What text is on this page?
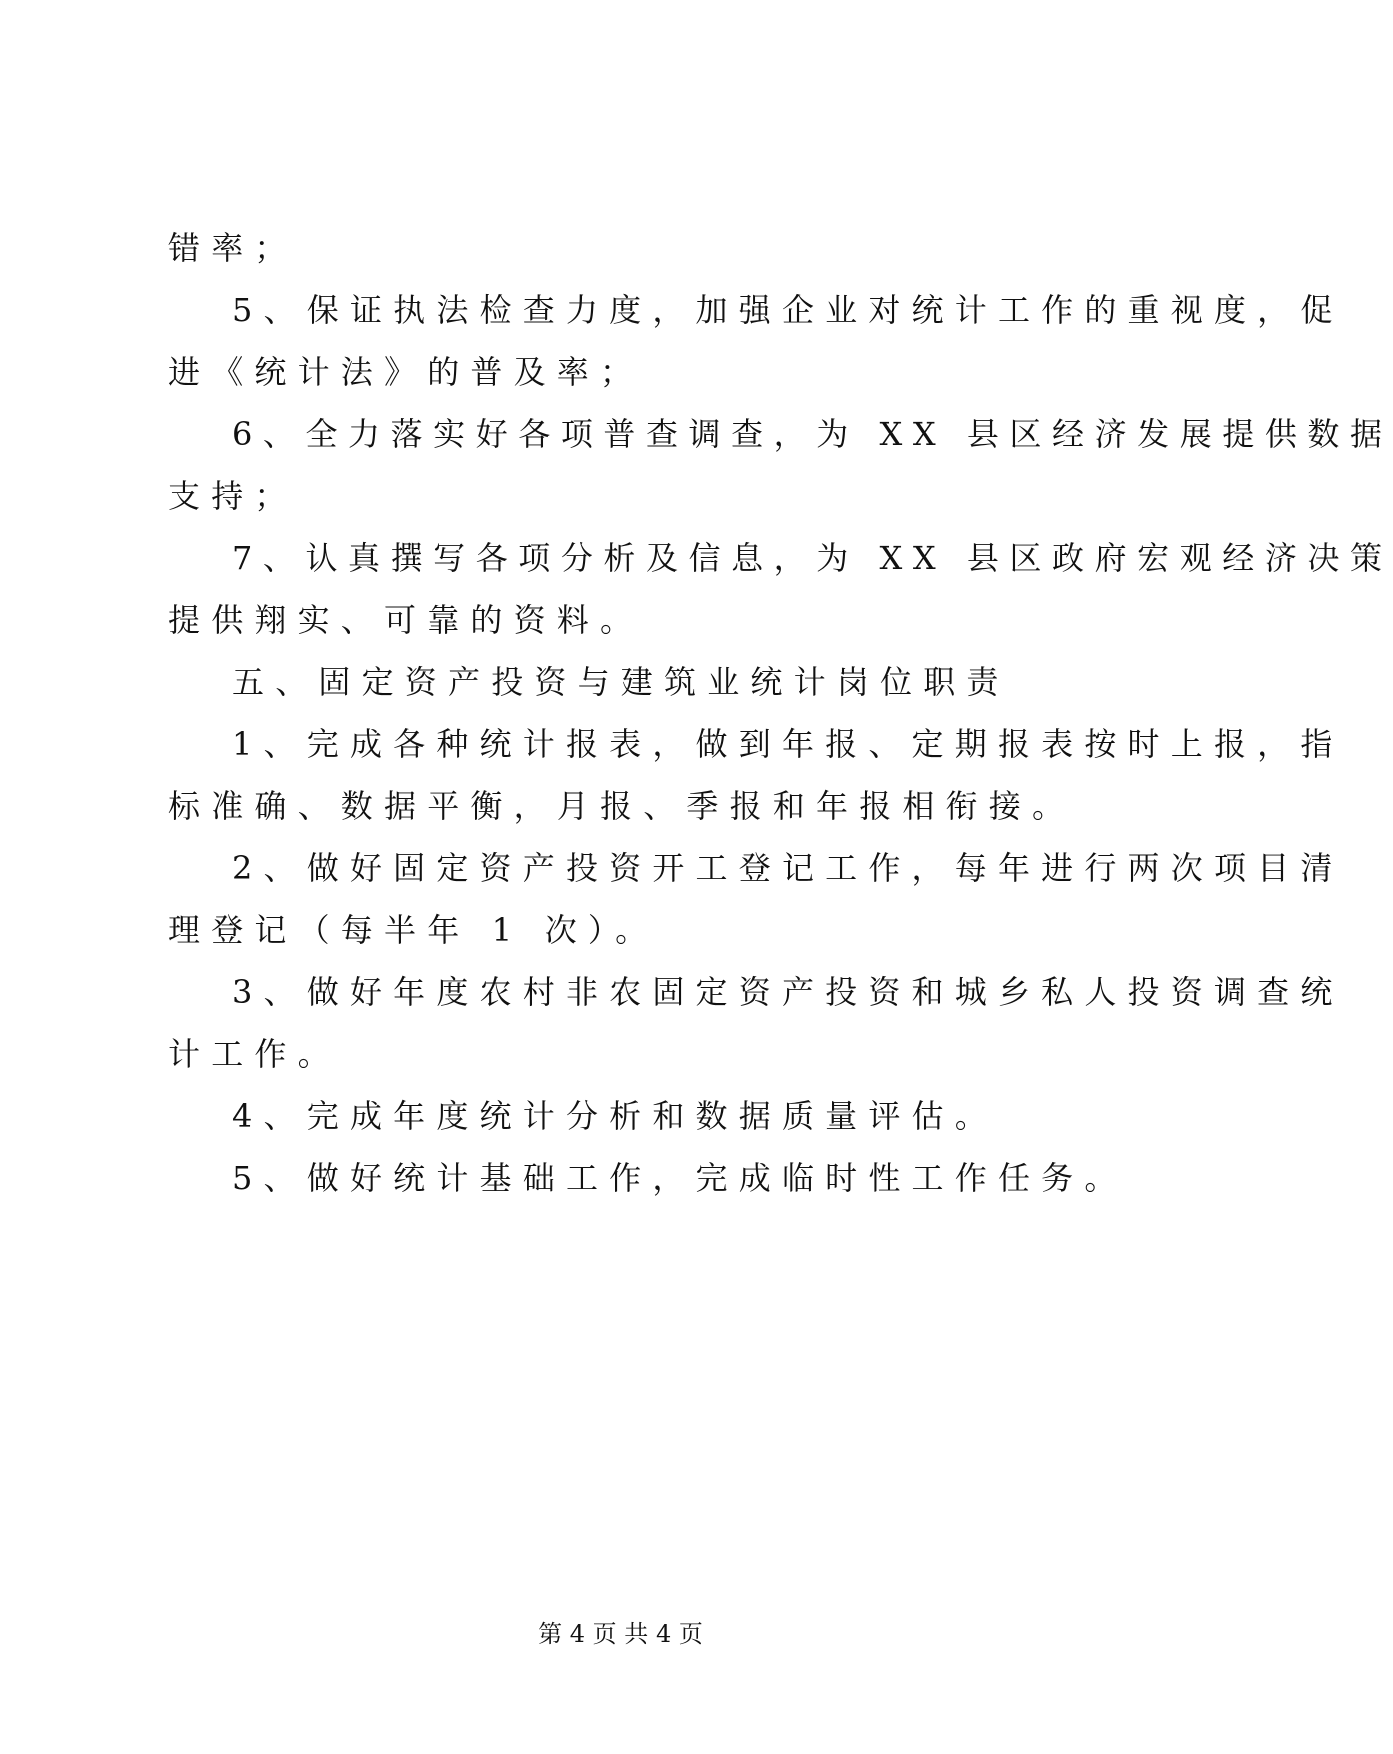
错率；
5、保证执法检查力度，加强企业对统计工作的重视度，促
进《统计法》的普及率；
6、全力落实好各项普查调查，为 XX 县区经济发展提供数据
支持；
7、认真撰写各项分析及信息，为 XX 县区政府宏观经济决策
提供翔实、可靠的资料。
五、固定资产投资与建筑业统计岗位职责
1、完成各种统计报表，做到年报、定期报表按时上报，指
标准确、数据平衡，月报、季报和年报相衔接。
2、做好固定资产投资开工登记工作，每年进行两次项目清
理登记（每半年 1 次）。
3、做好年度农村非农固定资产投资和城乡私人投资调查统
计工作。
4、完成年度统计分析和数据质量评估。
5、做好统计基础工作，完成临时性工作任务。
第 4 页 共 4 页
